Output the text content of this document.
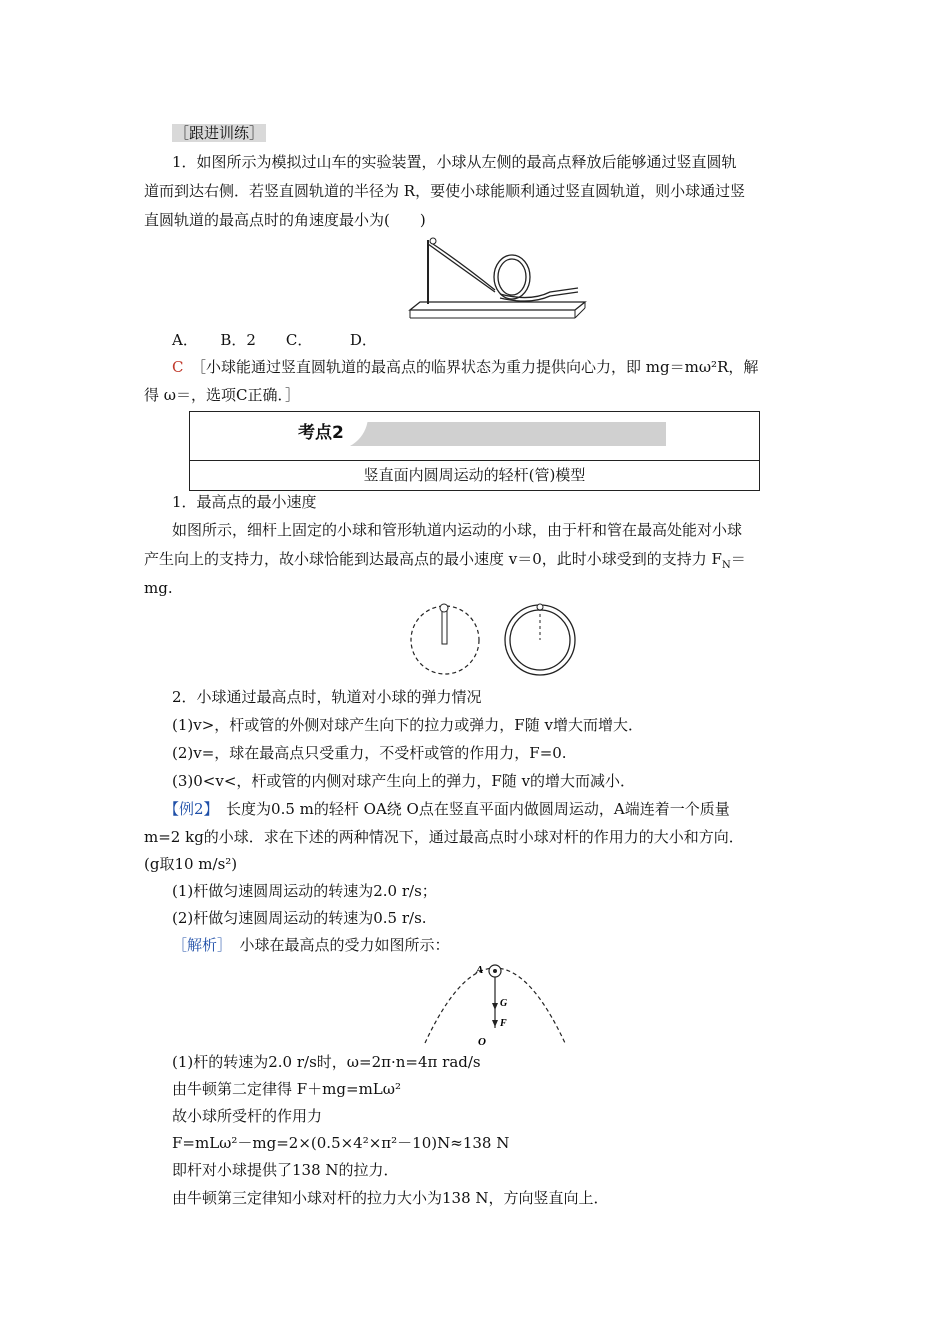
［跟进训练］
1．如图所示为模拟过山车的实验装置，小球从左侧的最高点释放后能够通过竖直圆轨
道而到达右侧．若竖直圆轨道的半径为 R，要使小球能顺利通过竖直圆轨道，则小球通过竖
直圆轨道的最高点时的角速度最小为(　　)
A．　　B．2　　C．　　　D．
C　 ［小球能通过竖直圆轨道的最高点的临界状态为重力提供向心力，即 mg＝mω²R，解
得 ω＝，选项C正确．］
考点2
竖直面内圆周运动的轻杆(管)模型
1．最高点的最小速度
如图所示，细杆上固定的小球和管形轨道内运动的小球，由于杆和管在最高处能对小球
产生向上的支持力，故小球恰能到达最高点的最小速度 v＝0，此时小球受到的支持力 $F_N=$
mg.
2．小球通过最高点时，轨道对小球的弹力情况
(1)v>，杆或管的外侧对球产生向下的拉力或弹力，F随 v增大而增大．
(2)v=，球在最高点只受重力，不受杆或管的作用力，F=0.
(3)0<v<，杆或管的内侧对球产生向上的弹力，F随 v的增大而减小．
【例2】　长度为0.5 m的轻杆 OA绕 O点在竖直平面内做圆周运动，A端连着一个质量
m=2 kg的小球．求在下述的两种情况下，通过最高点时小球对杆的作用力的大小和方向．
(g取10 m/s²)
(1)杆做匀速圆周运动的转速为2.0 r/s；
(2)杆做匀速圆周运动的转速为0.5 r/s.
［解析］　小球在最高点的受力如图所示：
A
G
F
O
(1)杆的转速为2.0 r/s时，ω=2π·n=4π rad/s
由牛顿第二定律得 F＋mg=mLω²
故小球所受杆的作用力
F=mLω²－mg=2×(0.5×4²×π²－10)N≈138 N
即杆对小球提供了138 N的拉力．
由牛顿第三定律知小球对杆的拉力大小为138 N，方向竖直向上．
